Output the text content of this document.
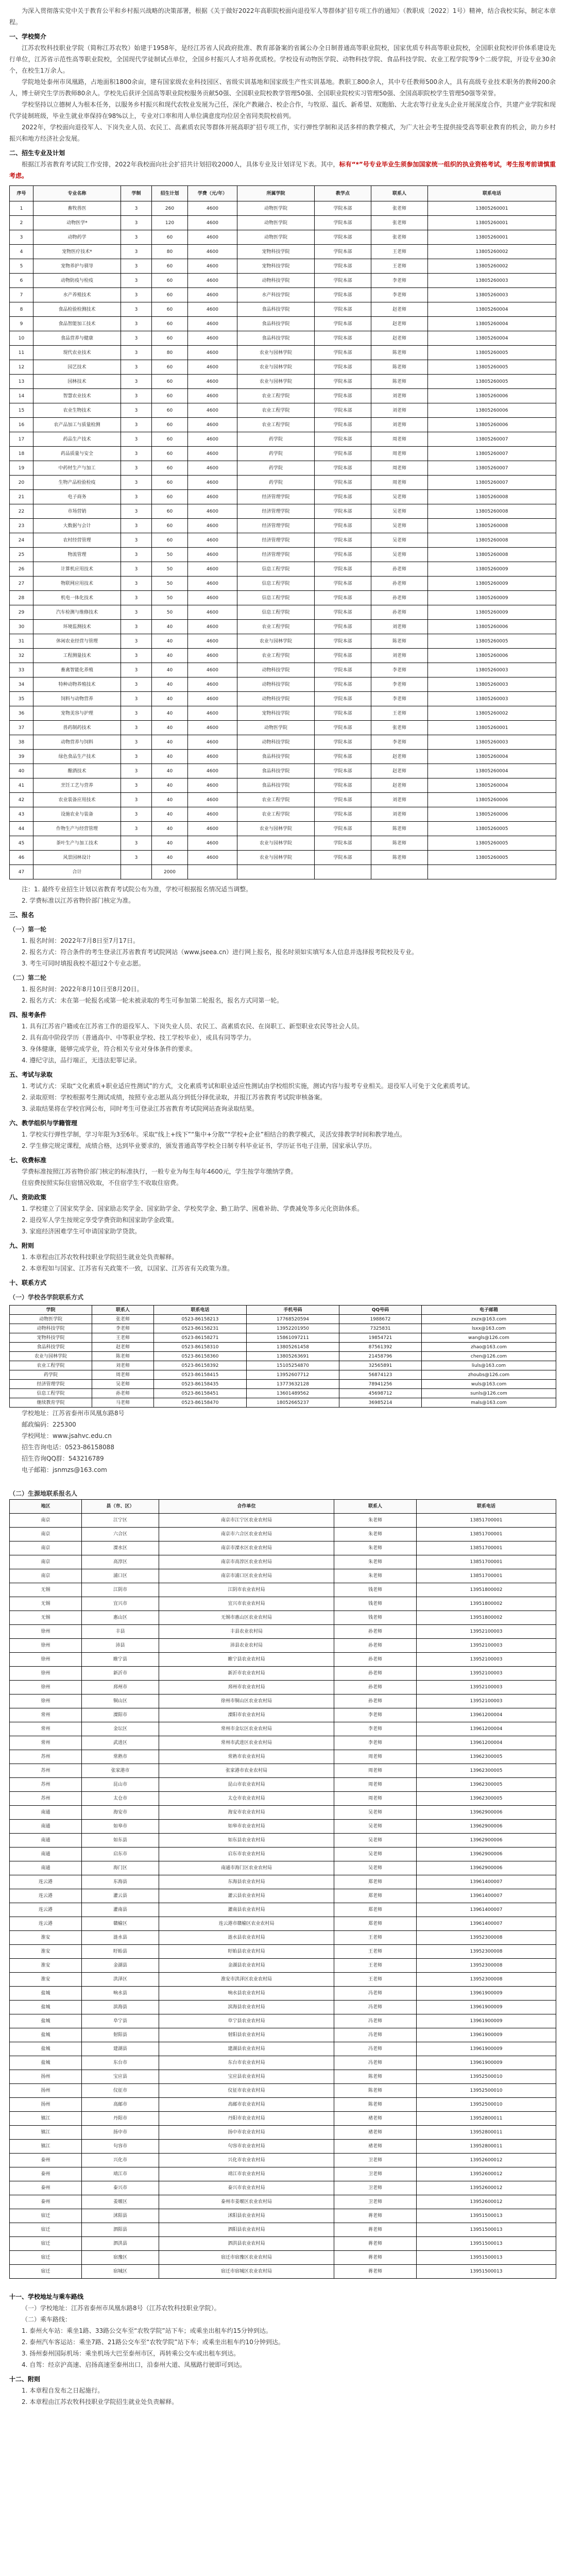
为深入贯彻落实党中关于教育公平和乡村振兴战略的决策部署，根据《关于做好2022年高职院校面向退役军人等群体扩招专项工作的通知》（教职成〔2022〕1号）精神，结合我校实际，制定本章程。

一、学校简介

江苏农牧科技职业学院（简称江苏农牧）始建于1958年，是经江苏省人民政府批准、教育部备案的省属公办全日制普通高等职业院校，国家优质专科高等职业院校，全国职业院校评价体系建设先行单位，江苏省示范性高等职业院校，全国现代学徒制试点单位，全国乡村振兴人才培养优质校。学校设有动物医学院、动物科技学院、食品科技学院、农业工程学院等9个二级学院，开设专业30余个，在校生1万余人。

学院地处泰州市凤凰路，占地面积1800余亩，建有国家级农业科技园区、省级实训基地和国家级生产性实训基地。教职工800余人，其中专任教师500余人，具有高级专业技术职务的教师200余人，博士研究生学历教师80余人。学校先后获评全国高等职业院校服务贡献50强、全国职业院校教学管理50强、全国职业院校实习管理50强、全国高职院校学生管理50强等荣誉。

学校坚持以立德树人为根本任务，以服务乡村振兴和现代农牧业发展为己任，深化产教融合、校企合作，与牧原、温氏、新希望、双胞胎、大北农等行业龙头企业开展深度合作，共建产业学院和现代学徒制班级，毕业生就业率保持在98%以上，专业对口率和用人单位满意度均位居全省同类院校前列。

2022年，学校面向退役军人、下岗失业人员、农民工、高素质农民等群体开展高职扩招专项工作，实行弹性学制和灵活多样的教学模式，为广大社会考生提供接受高等职业教育的机会，助力乡村振兴和地方经济社会发展。

二、招生专业及计划

根据江苏省教育考试院工作安排，2022年我校面向社会扩招共计划招收2000人，具体专业及计划详见下表。其中，标有“*”号专业毕业生须参加国家统一组织的执业资格考试，考生报考前请慎重考虑。

序号	专业名称	学制	招生计划	学费（元/年）	所属学院	教学点	联系人	联系电话
1	畜牧兽医	3	260	4600	动物医学院	学院本部	张老师	13805260001
2	动物医学*	3	120	4600	动物医学院	学院本部	张老师	13805260001
3	动物药学	3	60	4600	动物医学院	学院本部	张老师	13805260001
4	宠物医疗技术*	3	80	4600	宠物科技学院	学院本部	王老师	13805260002
5	宠物养护与驯导	3	60	4600	宠物科技学院	学院本部	王老师	13805260002
6	动物防疫与检疫	3	60	4600	动物科技学院	学院本部	李老师	13805260003
7	水产养殖技术	3	60	4600	水产科技学院	学院本部	李老师	13805260003
8	食品检验检测技术	3	60	4600	食品科技学院	学院本部	赵老师	13805260004
9	食品智能加工技术	3	60	4600	食品科技学院	学院本部	赵老师	13805260004
10	食品营养与健康	3	60	4600	食品科技学院	学院本部	赵老师	13805260004
11	现代农业技术	3	80	4600	农业与园林学院	学院本部	陈老师	13805260005
12	园艺技术	3	60	4600	农业与园林学院	学院本部	陈老师	13805260005
13	园林技术	3	60	4600	农业与园林学院	学院本部	陈老师	13805260005
14	智慧农业技术	3	60	4600	农业工程学院	学院本部	刘老师	13805260006
15	农业生物技术	3	60	4600	农业工程学院	学院本部	刘老师	13805260006
16	农产品加工与质量检测	3	60	4600	农业工程学院	学院本部	刘老师	13805260006
17	药品生产技术	3	60	4600	药学院	学院本部	周老师	13805260007
18	药品质量与安全	3	60	4600	药学院	学院本部	周老师	13805260007
19	中药材生产与加工	3	60	4600	药学院	学院本部	周老师	13805260007
20	生物产品检验检疫	3	60	4600	药学院	学院本部	周老师	13805260007
21	电子商务	3	60	4600	经济管理学院	学院本部	吴老师	13805260008
22	市场营销	3	60	4600	经济管理学院	学院本部	吴老师	13805260008
23	大数据与会计	3	60	4600	经济管理学院	学院本部	吴老师	13805260008
24	农村经营管理	3	60	4600	经济管理学院	学院本部	吴老师	13805260008
25	物流管理	3	50	4600	经济管理学院	学院本部	吴老师	13805260008
26	计算机应用技术	3	50	4600	信息工程学院	学院本部	孙老师	13805260009
27	物联网应用技术	3	50	4600	信息工程学院	学院本部	孙老师	13805260009
28	机电一体化技术	3	50	4600	信息工程学院	学院本部	孙老师	13805260009
29	汽车检测与维修技术	3	50	4600	信息工程学院	学院本部	孙老师	13805260009
30	环境监测技术	3	40	4600	农业工程学院	学院本部	刘老师	13805260006
31	休闲农业经营与管理	3	40	4600	农业与园林学院	学院本部	陈老师	13805260005
32	工程测量技术	3	40	4600	农业工程学院	学院本部	刘老师	13805260006
33	畜禽智能化养殖	3	40	4600	动物科技学院	学院本部	李老师	13805260003
34	特种动物养殖技术	3	40	4600	动物科技学院	学院本部	李老师	13805260003
35	饲料与动物营养	3	40	4600	动物科技学院	学院本部	李老师	13805260003
36	宠物美容与护理	3	40	4600	宠物科技学院	学院本部	王老师	13805260002
37	兽药制药技术	3	40	4600	动物医学院	学院本部	张老师	13805260001
38	动物营养与饲料	3	40	4600	动物科技学院	学院本部	李老师	13805260003
39	绿色食品生产技术	3	40	4600	食品科技学院	学院本部	赵老师	13805260004
40	酿酒技术	3	40	4600	食品科技学院	学院本部	赵老师	13805260004
41	烹饪工艺与营养	3	40	4600	食品科技学院	学院本部	赵老师	13805260004
42	农业装备应用技术	3	40	4600	农业工程学院	学院本部	刘老师	13805260006
43	设施农业与装备	3	40	4600	农业工程学院	学院本部	刘老师	13805260006
44	作物生产与经营管理	3	40	4600	农业与园林学院	学院本部	陈老师	13805260005
45	茶叶生产与加工技术	3	40	4600	农业与园林学院	学院本部	陈老师	13805260005
46	风景园林设计	3	40	4600	农业与园林学院	学院本部	陈老师	13805260005
47	合计		2000					

注：1. 最终专业招生计划以省教育考试院公布为准，学校可根据报名情况适当调整。

2. 学费标准以江苏省物价部门核定为准。

三、报名
（一）第一轮

1. 报名时间：2022年7月8日至7月17日。

2. 报名方式：符合条件的考生登录江苏省教育考试院网站（www.jseea.cn）进行网上报名，报名时须如实填写本人信息并选择报考院校及专业。

3. 考生可同时填报我校不超过2个专业志愿。

（二）第二轮

1. 报名时间：2022年8月10日至8月20日。

2. 报名方式：未在第一轮报名或第一轮未被录取的考生可参加第二轮报名，报名方式同第一轮。

四、报考条件

1. 具有江苏省户籍或在江苏省工作的退役军人、下岗失业人员、农民工、高素质农民、在岗职工、新型职业农民等社会人员。

2. 具有高中阶段学历（普通高中、中等职业学校、技工学校毕业），或具有同等学力。

3. 身体健康，能够完成学业，符合相关专业对身体条件的要求。

4. 遵纪守法，品行端正，无违法犯罪记录。

五、考试与录取

1. 考试方式：采取“文化素质+职业适应性测试”的方式，文化素质考试和职业适应性测试由学校组织实施，测试内容与报考专业相关。退役军人可免于文化素质考试。

2. 录取原则：学校根据考生测试成绩，按照专业志愿从高分到低分择优录取，并报江苏省教育考试院审核备案。

3. 录取结果将在学校官网公布，同时考生可登录江苏省教育考试院网站查询录取结果。

六、教学组织与学籍管理

1. 学校实行弹性学制，学习年限为3至6年。采取“线上+线下”“集中+分散”“学校+企业”相结合的教学模式，灵活安排教学时间和教学地点。

2. 学生修完规定课程，成绩合格，达到毕业要求的，颁发普通高等学校全日制专科毕业证书，学历证书电子注册，国家承认学历。

七、收费标准

学费标准按照江苏省物价部门核定的标准执行，一般专业为每生每年4600元，学生按学年缴纳学费。

住宿费按照实际住宿情况收取，不住宿学生不收取住宿费。

八、资助政策

1. 学校建立了国家奖学金、国家励志奖学金、国家助学金、学校奖学金、勤工助学、困难补助、学费减免等多元化资助体系。

2. 退役军人学生按规定享受学费资助和国家助学金政策。

3. 家庭经济困难学生可申请国家助学贷款。

九、附则

1. 本章程由江苏农牧科技职业学院招生就业处负责解释。

2. 本章程如与国家、江苏省有关政策不一致，以国家、江苏省有关政策为准。

十、联系方式
（一）学校各学院联系方式
学院	联系人	联系电话	手机号码	QQ号码	电子邮箱
动物医学院	张老师	0523-86158213	17768520594	1988672	zxzx@163.com
动物科技学院	李老师	0523-86158231	13952201950	7325831	lsxx@163.com
宠物科技学院	王老师	0523-86158271	15861097211	19854721	wangls@126.com
食品科技学院	赵老师	0523-86158310	13805261458	87561392	zhao@163.com
农业与园林学院	陈老师	0523-86158360	13805263691	21458796	chen@126.com
农业工程学院	刘老师	0523-86158392	15105254870	32565891	liuls@163.com
药学院	周老师	0523-86158415	13952607712	56874123	zhoubs@126.com
经济管理学院	吴老师	0523-86158435	13773632128	78941256	wuls@163.com
信息工程学院	孙老师	0523-86158451	13601489562	45698712	sunls@126.com
继续教育学院	马老师	0523-86158470	18052665237	36985214	mals@163.com

学校地址：江苏省泰州市凤凰东路8号

邮政编码：225300

学校网址：www.jsahvc.edu.cn

招生咨询电话：0523-86158088

招生咨询QQ群：543216789

电子邮箱：jsnmzs@163.com

（二）生源地联系报名人
地区	县（市、区）	合作单位	联系人	联系电话
南京	江宁区	南京市江宁区农业农村局	朱老师	13851700001
南京	六合区	南京市六合区农业农村局	朱老师	13851700001
南京	溧水区	南京市溧水区农业农村局	朱老师	13851700001
南京	高淳区	南京市高淳区农业农村局	朱老师	13851700001
南京	浦口区	南京市浦口区农业农村局	朱老师	13851700001
无锡	江阴市	江阴市农业农村局	钱老师	13951800002
无锡	宜兴市	宜兴市农业农村局	钱老师	13951800002
无锡	惠山区	无锡市惠山区农业农村局	钱老师	13951800002
徐州	丰县	丰县农业农村局	孙老师	13952100003
徐州	沛县	沛县农业农村局	孙老师	13952100003
徐州	睢宁县	睢宁县农业农村局	孙老师	13952100003
徐州	新沂市	新沂市农业农村局	孙老师	13952100003
徐州	邳州市	邳州市农业农村局	孙老师	13952100003
徐州	铜山区	徐州市铜山区农业农村局	孙老师	13952100003
常州	溧阳市	溧阳市农业农村局	李老师	13961200004
常州	金坛区	常州市金坛区农业农村局	李老师	13961200004
常州	武进区	常州市武进区农业农村局	李老师	13961200004
苏州	常熟市	常熟市农业农村局	周老师	13962300005
苏州	张家港市	张家港市农业农村局	周老师	13962300005
苏州	昆山市	昆山市农业农村局	周老师	13962300005
苏州	太仓市	太仓市农业农村局	周老师	13962300005
南通	海安市	海安市农业农村局	吴老师	13962900006
南通	如皋市	如皋市农业农村局	吴老师	13962900006
南通	如东县	如东县农业农村局	吴老师	13962900006
南通	启东市	启东市农业农村局	吴老师	13962900006
南通	海门区	南通市海门区农业农村局	吴老师	13962900006
连云港	东海县	东海县农业农村局	郑老师	13961400007
连云港	灌云县	灌云县农业农村局	郑老师	13961400007
连云港	灌南县	灌南县农业农村局	郑老师	13961400007
连云港	赣榆区	连云港市赣榆区农业农村局	郑老师	13961400007
淮安	涟水县	涟水县农业农村局	王老师	13952300008
淮安	盱眙县	盱眙县农业农村局	王老师	13952300008
淮安	金湖县	金湖县农业农村局	王老师	13952300008
淮安	洪泽区	淮安市洪泽区农业农村局	王老师	13952300008
盐城	响水县	响水县农业农村局	冯老师	13961900009
盐城	滨海县	滨海县农业农村局	冯老师	13961900009
盐城	阜宁县	阜宁县农业农村局	冯老师	13961900009
盐城	射阳县	射阳县农业农村局	冯老师	13961900009
盐城	建湖县	建湖县农业农村局	冯老师	13961900009
盐城	东台市	东台市农业农村局	冯老师	13961900009
扬州	宝应县	宝应县农业农村局	陈老师	13952500010
扬州	仪征市	仪征市农业农村局	陈老师	13952500010
扬州	高邮市	高邮市农业农村局	陈老师	13952500010
镇江	丹阳市	丹阳市农业农村局	褚老师	13952800011
镇江	扬中市	扬中市农业农村局	褚老师	13952800011
镇江	句容市	句容市农业农村局	褚老师	13952800011
泰州	兴化市	兴化市农业农村局	卫老师	13952600012
泰州	靖江市	靖江市农业农村局	卫老师	13952600012
泰州	泰兴市	泰兴市农业农村局	卫老师	13952600012
泰州	姜堰区	泰州市姜堰区农业农村局	卫老师	13952600012
宿迁	沭阳县	沭阳县农业农村局	蒋老师	13951500013
宿迁	泗阳县	泗阳县农业农村局	蒋老师	13951500013
宿迁	泗洪县	泗洪县农业农村局	蒋老师	13951500013
宿迁	宿豫区	宿迁市宿豫区农业农村局	蒋老师	13951500013
宿迁	宿城区	宿迁市宿城区农业农村局	蒋老师	13951500013
十一、学校地址与乘车路线

（一）学校地址：江苏省泰州市凤凰东路8号（江苏农牧科技职业学院）。

（二）乘车路线：

1. 泰州火车站：乘坐1路、33路公交车至“农牧学院”站下车；或乘坐出租车约15分钟到达。

2. 泰州汽车客运站：乘坐7路、21路公交车至“农牧学院”站下车；或乘坐出租车约10分钟到达。

3. 扬州泰州国际机场：乘坐机场大巴至泰州市区，再转乘公交车或出租车到达。

4. 自驾：经京沪高速、启扬高速至泰州出口，沿泰州大道、凤凰路行驶即可到达。

十二、附则

1. 本章程自发布之日起施行。

2. 本章程由江苏农牧科技职业学院招生就业处负责解释。
